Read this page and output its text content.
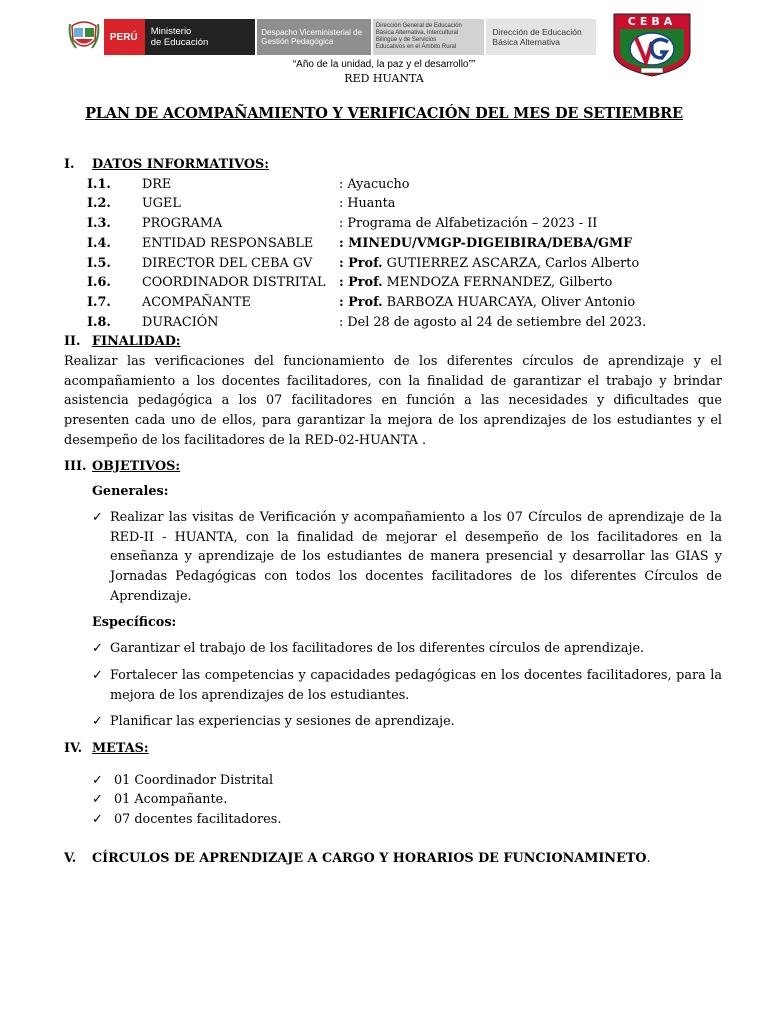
PERÚ	Ministerio
de Educación
Despacho Viceministerial de
Gestión Pedagógica
Dirección General de Educación
Básica Alternativa, Intercultural
Bilingüe y de Servicios
Educativos en el Ámbito Rural
Dirección de Educación
Básica Alternativa
CEBA
“Año de la unidad, la paz y el desarrollo””
RED HUANTA
PLAN DE ACOMPAÑAMIENTO Y VERIFICACIÓN DEL MES DE SETIEMBRE
I.	DATOS INFORMATIVOS:
I.1.	DRE	: Ayacucho
I.2.	UGEL	: Huanta
I.3.	PROGRAMA	: Programa de Alfabetización – 2023 - II
I.4.	ENTIDAD RESPONSABLE	: MINEDU/VMGP-DIGEIBIRA/DEBA/GMF
I.5.	DIRECTOR DEL CEBA GV	: Prof. GUTIERREZ ASCARZA, Carlos Alberto
I.6.	COORDINADOR DISTRITAL	: Prof. MENDOZA FERNANDEZ, Gilberto
I.7.	ACOMPAÑANTE	: Prof. BARBOZA HUARCAYA, Oliver Antonio
I.8.	DURACIÓN	: Del 28 de agosto al 24 de setiembre del 2023.
II. FINALIDAD:

Realizar las verificaciones del funcionamiento de los diferentes círculos de aprendizaje y el acompañamiento a los docentes facilitadores, con la finalidad de garantizar el trabajo y brindar asistencia pedagógica a los 07 facilitadores en función a las necesidades y dificultades que presenten cada uno de ellos, para garantizar la mejora de los aprendizajes de los estudiantes y el desempeño de los facilitadores de la RED-02-HUANTA .

III. OBJETIVOS:
Generales:
✓ Realizar las visitas de Verificación y acompañamiento a los 07 Círculos de aprendizaje de la RED-II - HUANTA, con la finalidad de mejorar el desempeño de los facilitadores en la enseñanza y aprendizaje de los estudiantes de manera presencial y desarrollar las GIAS y Jornadas Pedagógicas con todos los docentes facilitadores de los diferentes Círculos de Aprendizaje.
Específicos:
✓ Garantizar el trabajo de los facilitadores de los diferentes círculos de aprendizaje.
✓ Fortalecer las competencias y capacidades pedagógicas en los docentes facilitadores, para la mejora de los aprendizajes de los estudiantes.
✓ Planificar las experiencias y sesiones de aprendizaje.
IV. METAS:
✓ 01 Coordinador Distrital
✓ 01 Acompañante.
✓ 07 docentes facilitadores.
V.	CÍRCULOS DE APRENDIZAJE A CARGO Y HORARIOS DE FUNCIONAMINETO.
